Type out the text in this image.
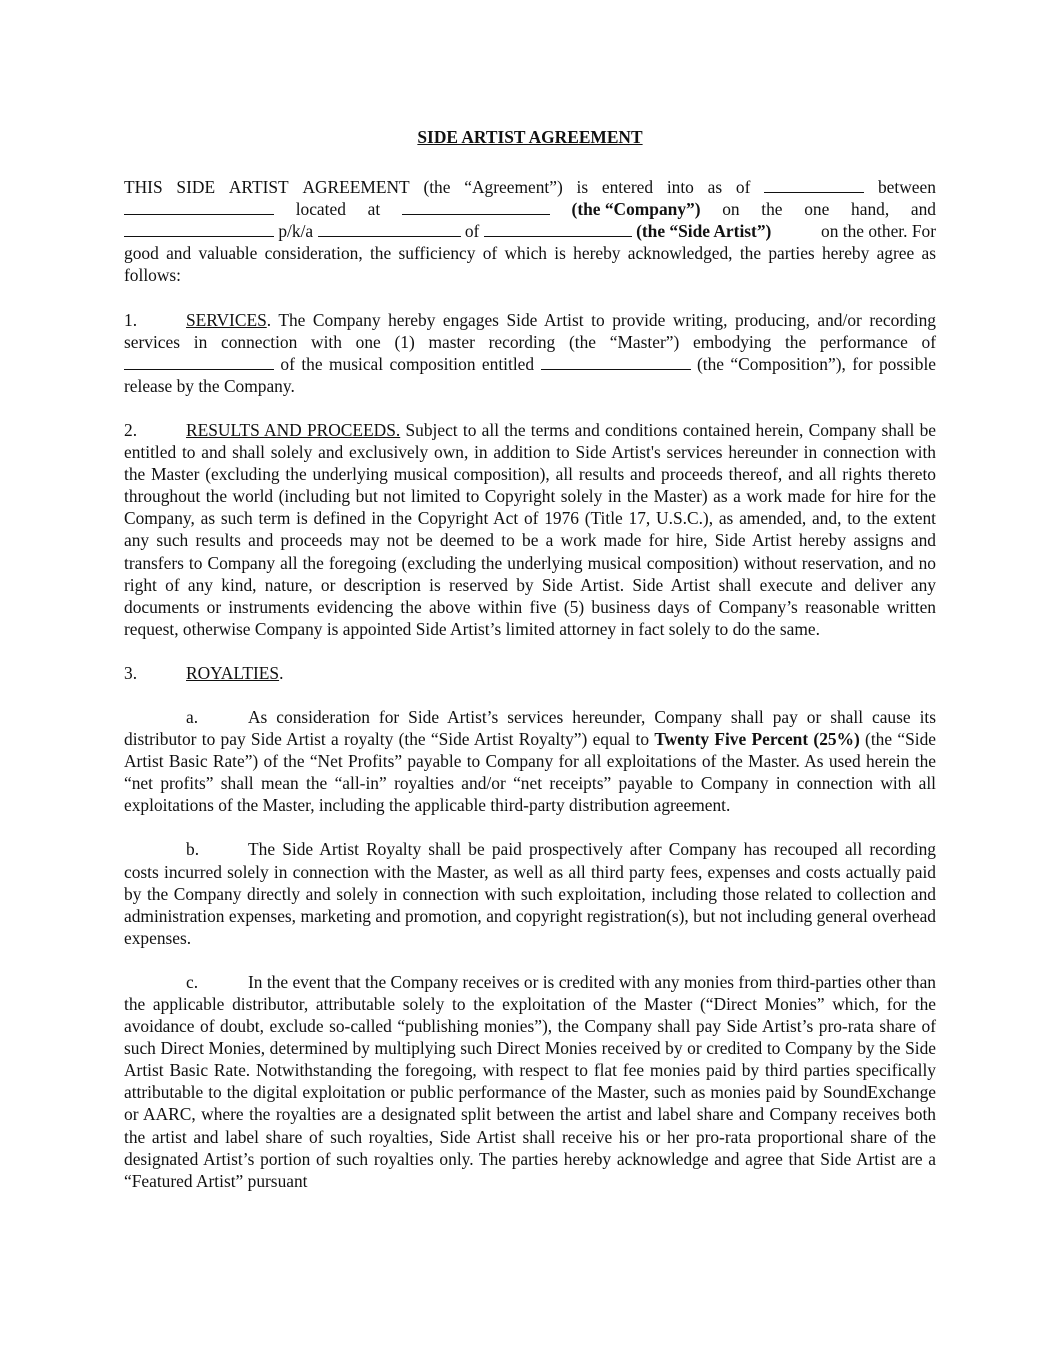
SIDE ARTIST AGREEMENT
THIS SIDE ARTIST AGREEMENT (the “Agreement”) is entered into as of	between
located at	(the “Company”) on the one hand, and
p/k/a	of	(the “Side Artist”)	on the other. For

good and valuable consideration, the sufficiency of which is hereby acknowledged, the parties hereby agree as follows:

1.	SERVICES. The Company hereby engages Side Artist to provide writing, producing, and/or recording services in connection with one (1) master recording (the “Master”) embodying the performance of  of the musical composition entitled	(the “Composition”), for possible release by the Company.

2.	RESULTS AND PROCEEDS. Subject to all the terms and conditions contained herein, Company shall be entitled to and shall solely and exclusively own, in addition to Side Artist's services hereunder in connection with the Master (excluding the underlying musical composition), all results and proceeds thereof, and all rights thereto throughout the world (including but not limited to Copyright solely in the Master) as a work made for hire for the Company, as such term is defined in the Copyright Act of 1976 (Title 17, U.S.C.), as amended, and, to the extent any such results and proceeds may not be deemed to be a work made for hire, Side Artist hereby assigns and transfers to Company all the foregoing (excluding the underlying musical composition) without reservation, and no right of any kind, nature, or description is reserved by Side Artist. Side Artist shall execute and deliver any documents or instruments evidencing the above within five (5) business days of Company’s reasonable written request, otherwise Company is appointed Side Artist’s limited attorney in fact solely to do the same.

3.	ROYALTIES.

a.	As consideration for Side Artist’s services hereunder, Company shall pay or shall cause its distributor to pay Side Artist a royalty (the “Side Artist Royalty”) equal to Twenty Five Percent (25%) (the “Side Artist Basic Rate”) of the “Net Profits” payable to Company for all exploitations of the Master. As used herein the “net profits” shall mean the “all-in” royalties and/or “net receipts” payable to Company in connection with all exploitations of the Master, including the applicable third-party distribution agreement.

b.	The Side Artist Royalty shall be paid prospectively after Company has recouped all recording costs incurred solely in connection with the Master, as well as all third party fees, expenses and costs actually paid by the Company directly and solely in connection with such exploitation, including those related to collection and administration expenses, marketing and promotion, and copyright registration(s), but not including general overhead expenses.

c.	In the event that the Company receives or is credited with any monies from third-parties other than the applicable distributor, attributable solely to the exploitation of the Master (“Direct Monies” which, for the avoidance of doubt, exclude so-called “publishing monies”), the Company shall pay Side Artist’s pro-rata share of such Direct Monies, determined by multiplying such Direct Monies received by or credited to Company by the Side Artist Basic Rate. Notwithstanding the foregoing, with respect to flat fee monies paid by third parties specifically attributable to the digital exploitation or public performance of the Master, such as monies paid by SoundExchange or AARC, where the royalties are a designated split between the artist and label share and Company receives both the artist and label share of such royalties, Side Artist shall receive his or her pro-rata proportional share of the designated Artist’s portion of such royalties only. The parties hereby acknowledge and agree that Side Artist are a “Featured Artist” pursuant
